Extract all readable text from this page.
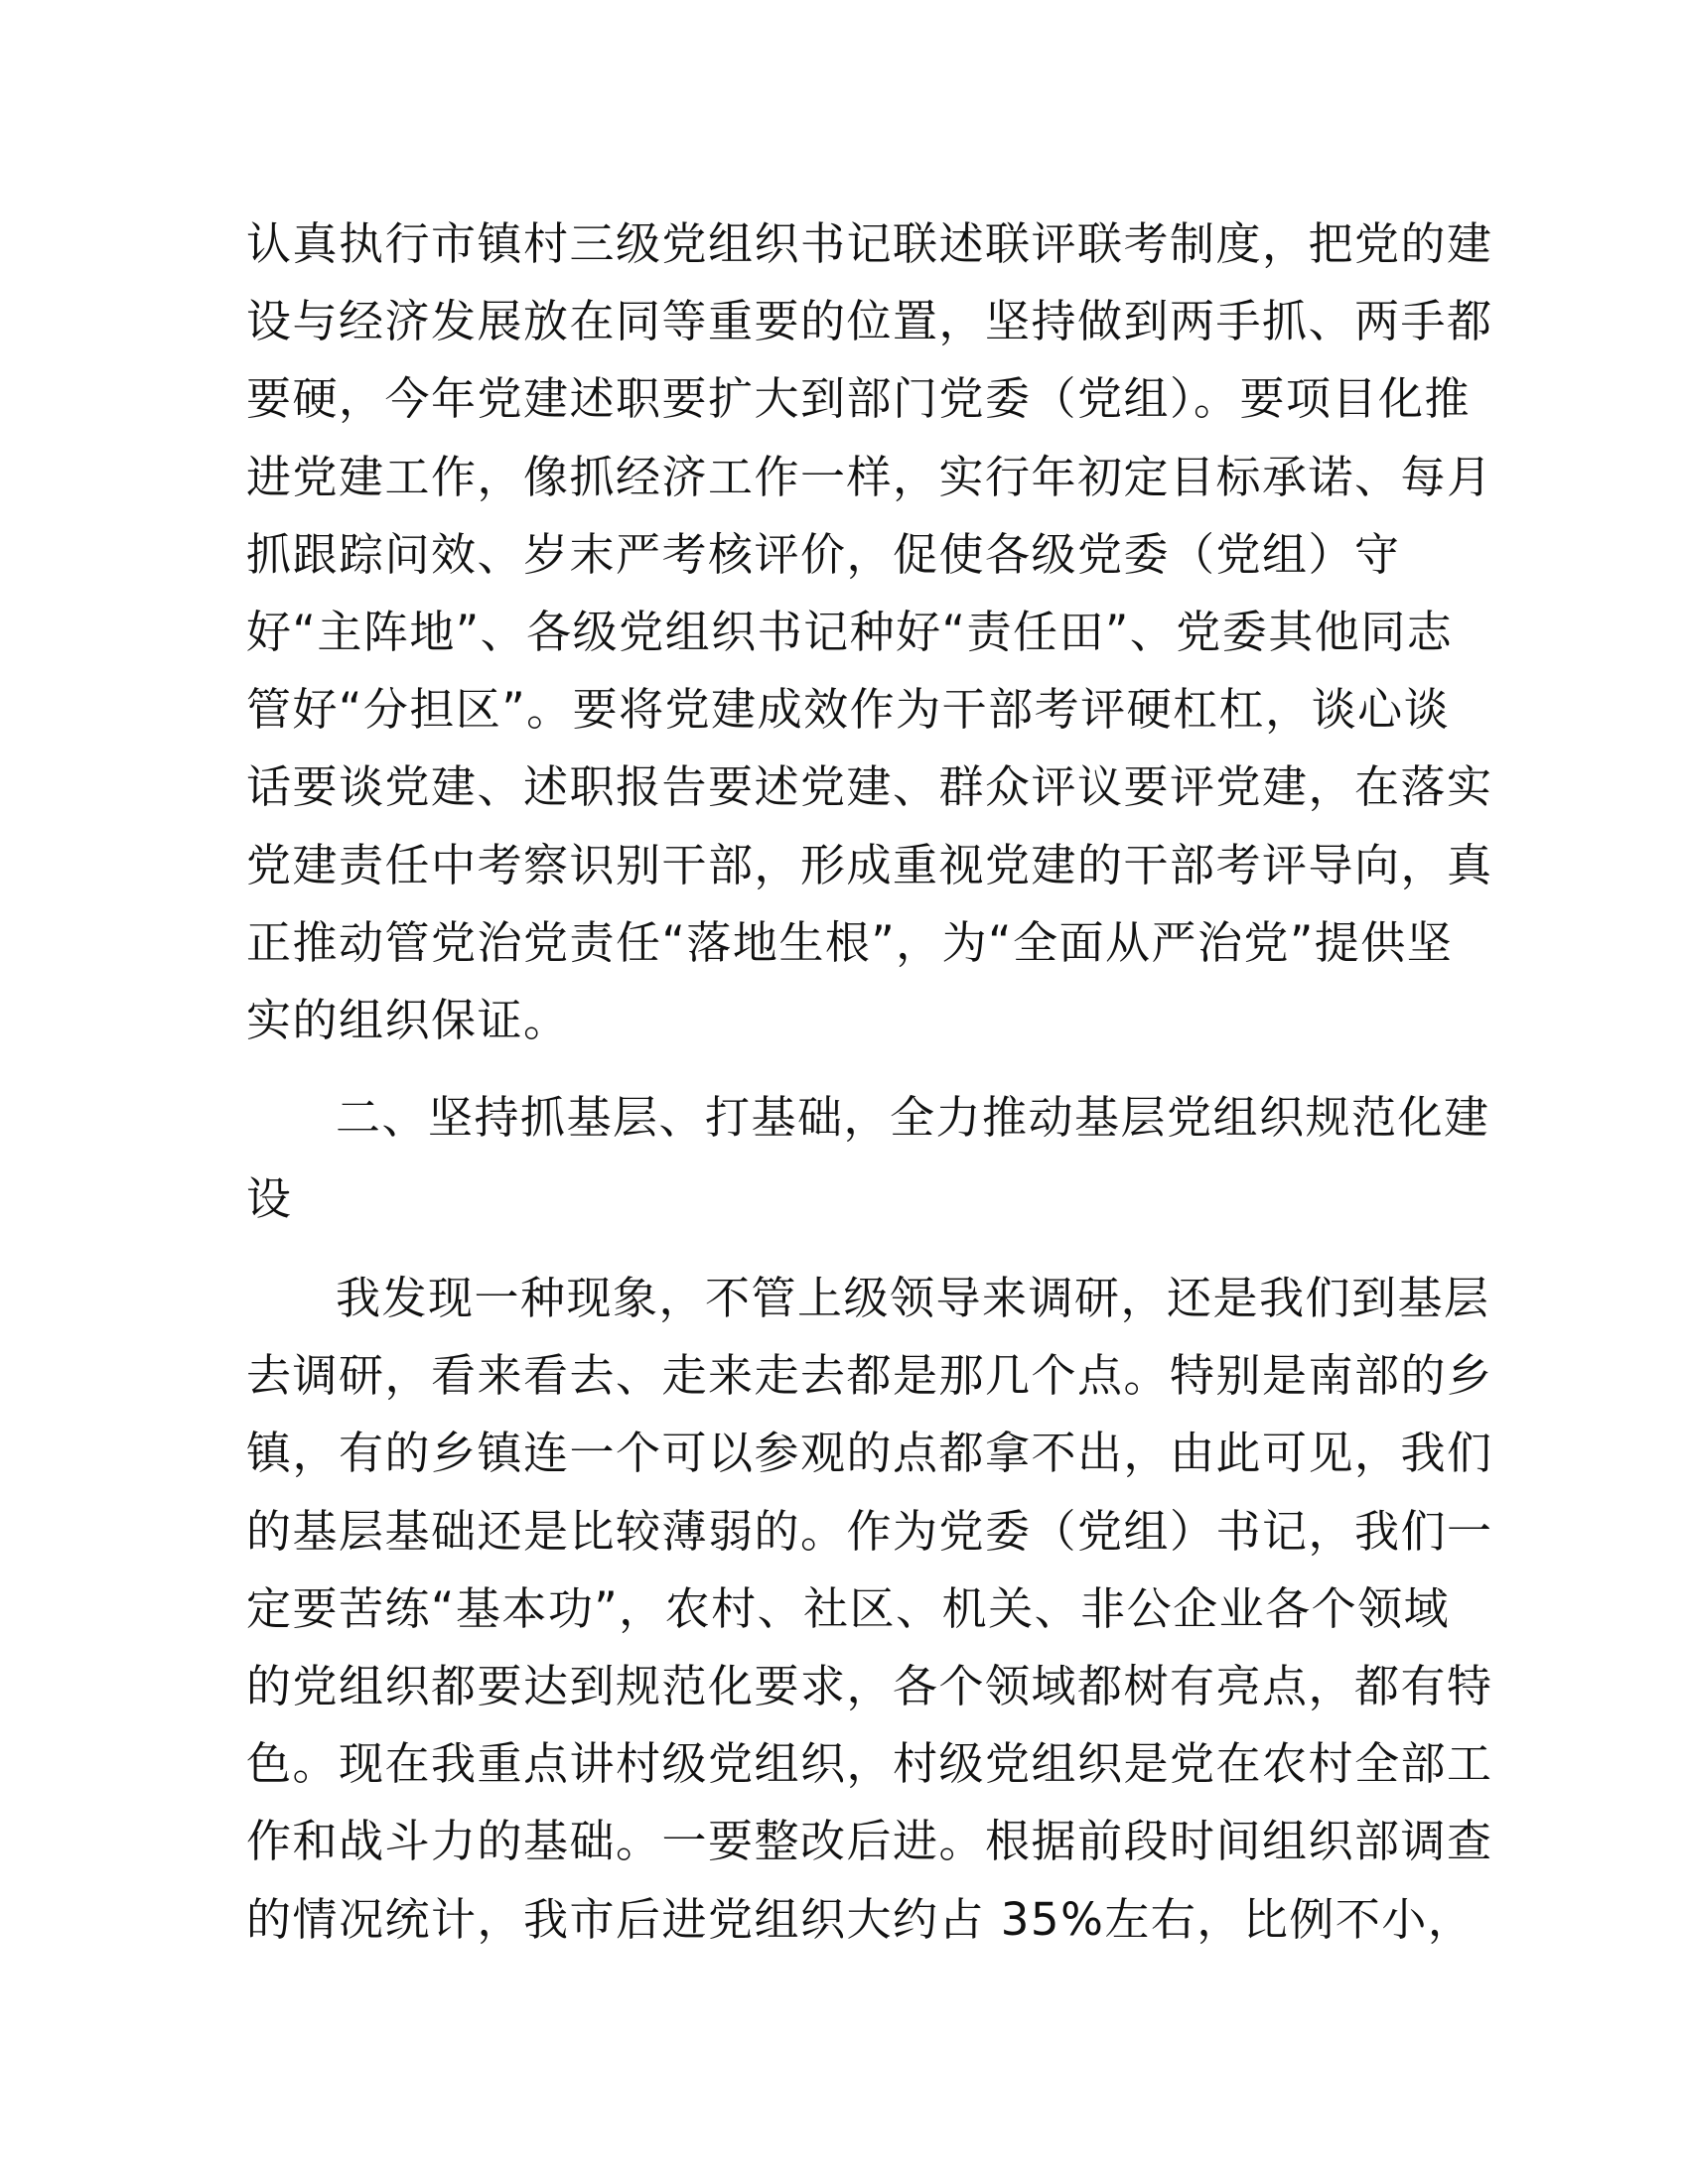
认真执行市镇村三级党组织书记联述联评联考制度，把党的建
设与经济发展放在同等重要的位置，坚持做到两手抓、两手都
要硬，今年党建述职要扩大到部门党委（党组）。要项目化推
进党建工作，像抓经济工作一样，实行年初定目标承诺、每月
抓跟踪问效、岁末严考核评价，促使各级党委（党组）守
好“主阵地”、各级党组织书记种好“责任田”、党委其他同志
管好“分担区”。要将党建成效作为干部考评硬杠杠，谈心谈
话要谈党建、述职报告要述党建、群众评议要评党建，在落实
党建责任中考察识别干部，形成重视党建的干部考评导向，真
正推动管党治党责任“落地生根”，为“全面从严治党”提供坚
实的组织保证。
二、坚持抓基层、打基础，全力推动基层党组织规范化建
设
我发现一种现象，不管上级领导来调研，还是我们到基层
去调研，看来看去、走来走去都是那几个点。特别是南部的乡
镇，有的乡镇连一个可以参观的点都拿不出，由此可见，我们
的基层基础还是比较薄弱的。作为党委（党组）书记，我们一
定要苦练“基本功”，农村、社区、机关、非公企业各个领域
的党组织都要达到规范化要求，各个领域都树有亮点，都有特
色。现在我重点讲村级党组织，村级党组织是党在农村全部工
作和战斗力的基础。一要整改后进。根据前段时间组织部调查
的情况统计，我市后进党组织大约占 35%左右，比例不小，
